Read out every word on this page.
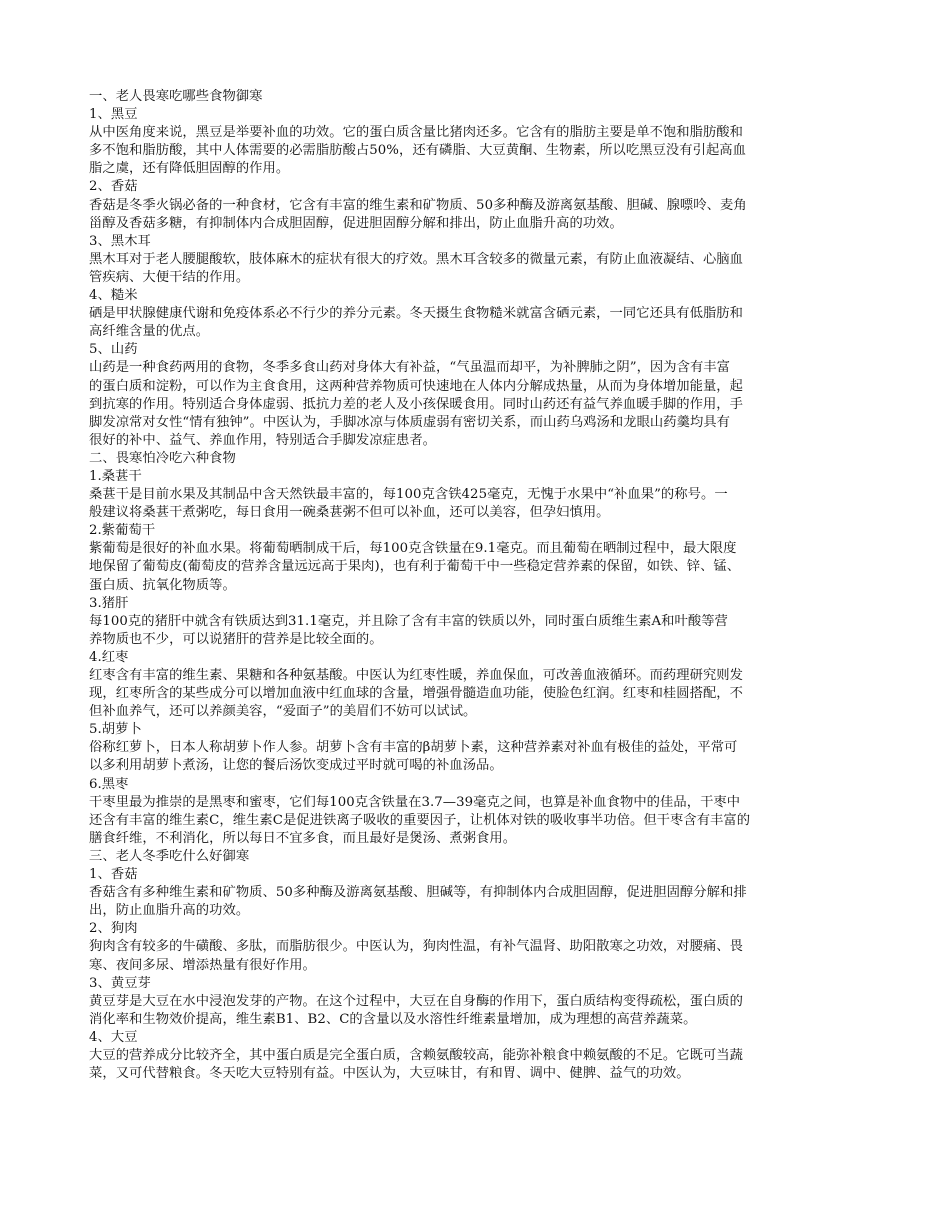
一、老人畏寒吃哪些食物御寒
1、黑豆
从中医角度来说，黑豆是举要补血的功效。它的蛋白质含量比猪肉还多。它含有的脂肪主要是单不饱和脂肪酸和
多不饱和脂肪酸，其中人体需要的必需脂肪酸占50%，还有磷脂、大豆黄酮、生物素，所以吃黑豆没有引起高血
脂之虞，还有降低胆固醇的作用。
2、香菇
香菇是冬季火锅必备的一种食材，它含有丰富的维生素和矿物质、50多种酶及游离氨基酸、胆碱、腺嘌呤、麦角
甾醇及香菇多糖，有抑制体内合成胆固醇，促进胆固醇分解和排出，防止血脂升高的功效。
3、黑木耳
黑木耳对于老人腰腿酸软，肢体麻木的症状有很大的疗效。黑木耳含较多的微量元素，有防止血液凝结、心脑血
管疾病、大便干结的作用。
4、糙米
硒是甲状腺健康代谢和免疫体系必不行少的养分元素。冬天摄生食物糙米就富含硒元素，一同它还具有低脂肪和
高纤维含量的优点。
5、山药
山药是一种食药两用的食物，冬季多食山药对身体大有补益，“气虽温而却平，为补脾肺之阴”，因为含有丰富
的蛋白质和淀粉，可以作为主食食用，这两种营养物质可快速地在人体内分解成热量，从而为身体增加能量，起
到抗寒的作用。特别适合身体虚弱、抵抗力差的老人及小孩保暖食用。同时山药还有益气养血暖手脚的作用，手
脚发凉常对女性“情有独钟”。中医认为，手脚冰凉与体质虚弱有密切关系，而山药乌鸡汤和龙眼山药羹均具有
很好的补中、益气、养血作用，特别适合手脚发凉症患者。
二、畏寒怕冷吃六种食物
1.桑葚干
桑葚干是目前水果及其制品中含天然铁最丰富的，每100克含铁425毫克，无愧于水果中“补血果”的称号。一
般建议将桑葚干煮粥吃，每日食用一碗桑葚粥不但可以补血，还可以美容，但孕妇慎用。
2.紫葡萄干
紫葡萄是很好的补血水果。将葡萄晒制成干后，每100克含铁量在9.1毫克。而且葡萄在晒制过程中，最大限度
地保留了葡萄皮(葡萄皮的营养含量远远高于果肉)，也有利于葡萄干中一些稳定营养素的保留，如铁、锌、锰、
蛋白质、抗氧化物质等。
3.猪肝
每100克的猪肝中就含有铁质达到31.1毫克，并且除了含有丰富的铁质以外，同时蛋白质维生素A和叶酸等营
养物质也不少，可以说猪肝的营养是比较全面的。
4.红枣
红枣含有丰富的维生素、果糖和各种氨基酸。中医认为红枣性暖，养血保血，可改善血液循环。而药理研究则发
现，红枣所含的某些成分可以增加血液中红血球的含量，增强骨髓造血功能，使脸色红润。红枣和桂圆搭配，不
但补血养气，还可以养颜美容，“爱面子”的美眉们不妨可以试试。
5.胡萝卜
俗称红萝卜，日本人称胡萝卜作人参。胡萝卜含有丰富的β胡萝卜素，这种营养素对补血有极佳的益处，平常可
以多利用胡萝卜煮汤，让您的餐后汤饮变成过平时就可喝的补血汤品。
6.黑枣
干枣里最为推崇的是黑枣和蜜枣，它们每100克含铁量在3.7—39毫克之间，也算是补血食物中的佳品，干枣中
还含有丰富的维生素C，维生素C是促进铁离子吸收的重要因子，让机体对铁的吸收事半功倍。但干枣含有丰富的
膳食纤维，不利消化，所以每日不宜多食，而且最好是煲汤、煮粥食用。
三、老人冬季吃什么好御寒
1、香菇
香菇含有多种维生素和矿物质、50多种酶及游离氨基酸、胆碱等，有抑制体内合成胆固醇，促进胆固醇分解和排
出，防止血脂升高的功效。
2、狗肉
狗肉含有较多的牛磺酸、多肽，而脂肪很少。中医认为，狗肉性温，有补气温肾、助阳散寒之功效，对腰痛、畏
寒、夜间多尿、增添热量有很好作用。
3、黄豆芽
黄豆芽是大豆在水中浸泡发芽的产物。在这个过程中，大豆在自身酶的作用下，蛋白质结构变得疏松，蛋白质的
消化率和生物效价提高，维生素B1、B2、C的含量以及水溶性纤维素量增加，成为理想的高营养蔬菜。
4、大豆
大豆的营养成分比较齐全，其中蛋白质是完全蛋白质，含赖氨酸较高，能弥补粮食中赖氨酸的不足。它既可当蔬
菜，又可代替粮食。冬天吃大豆特别有益。中医认为，大豆味甘，有和胃、调中、健脾、益气的功效。
